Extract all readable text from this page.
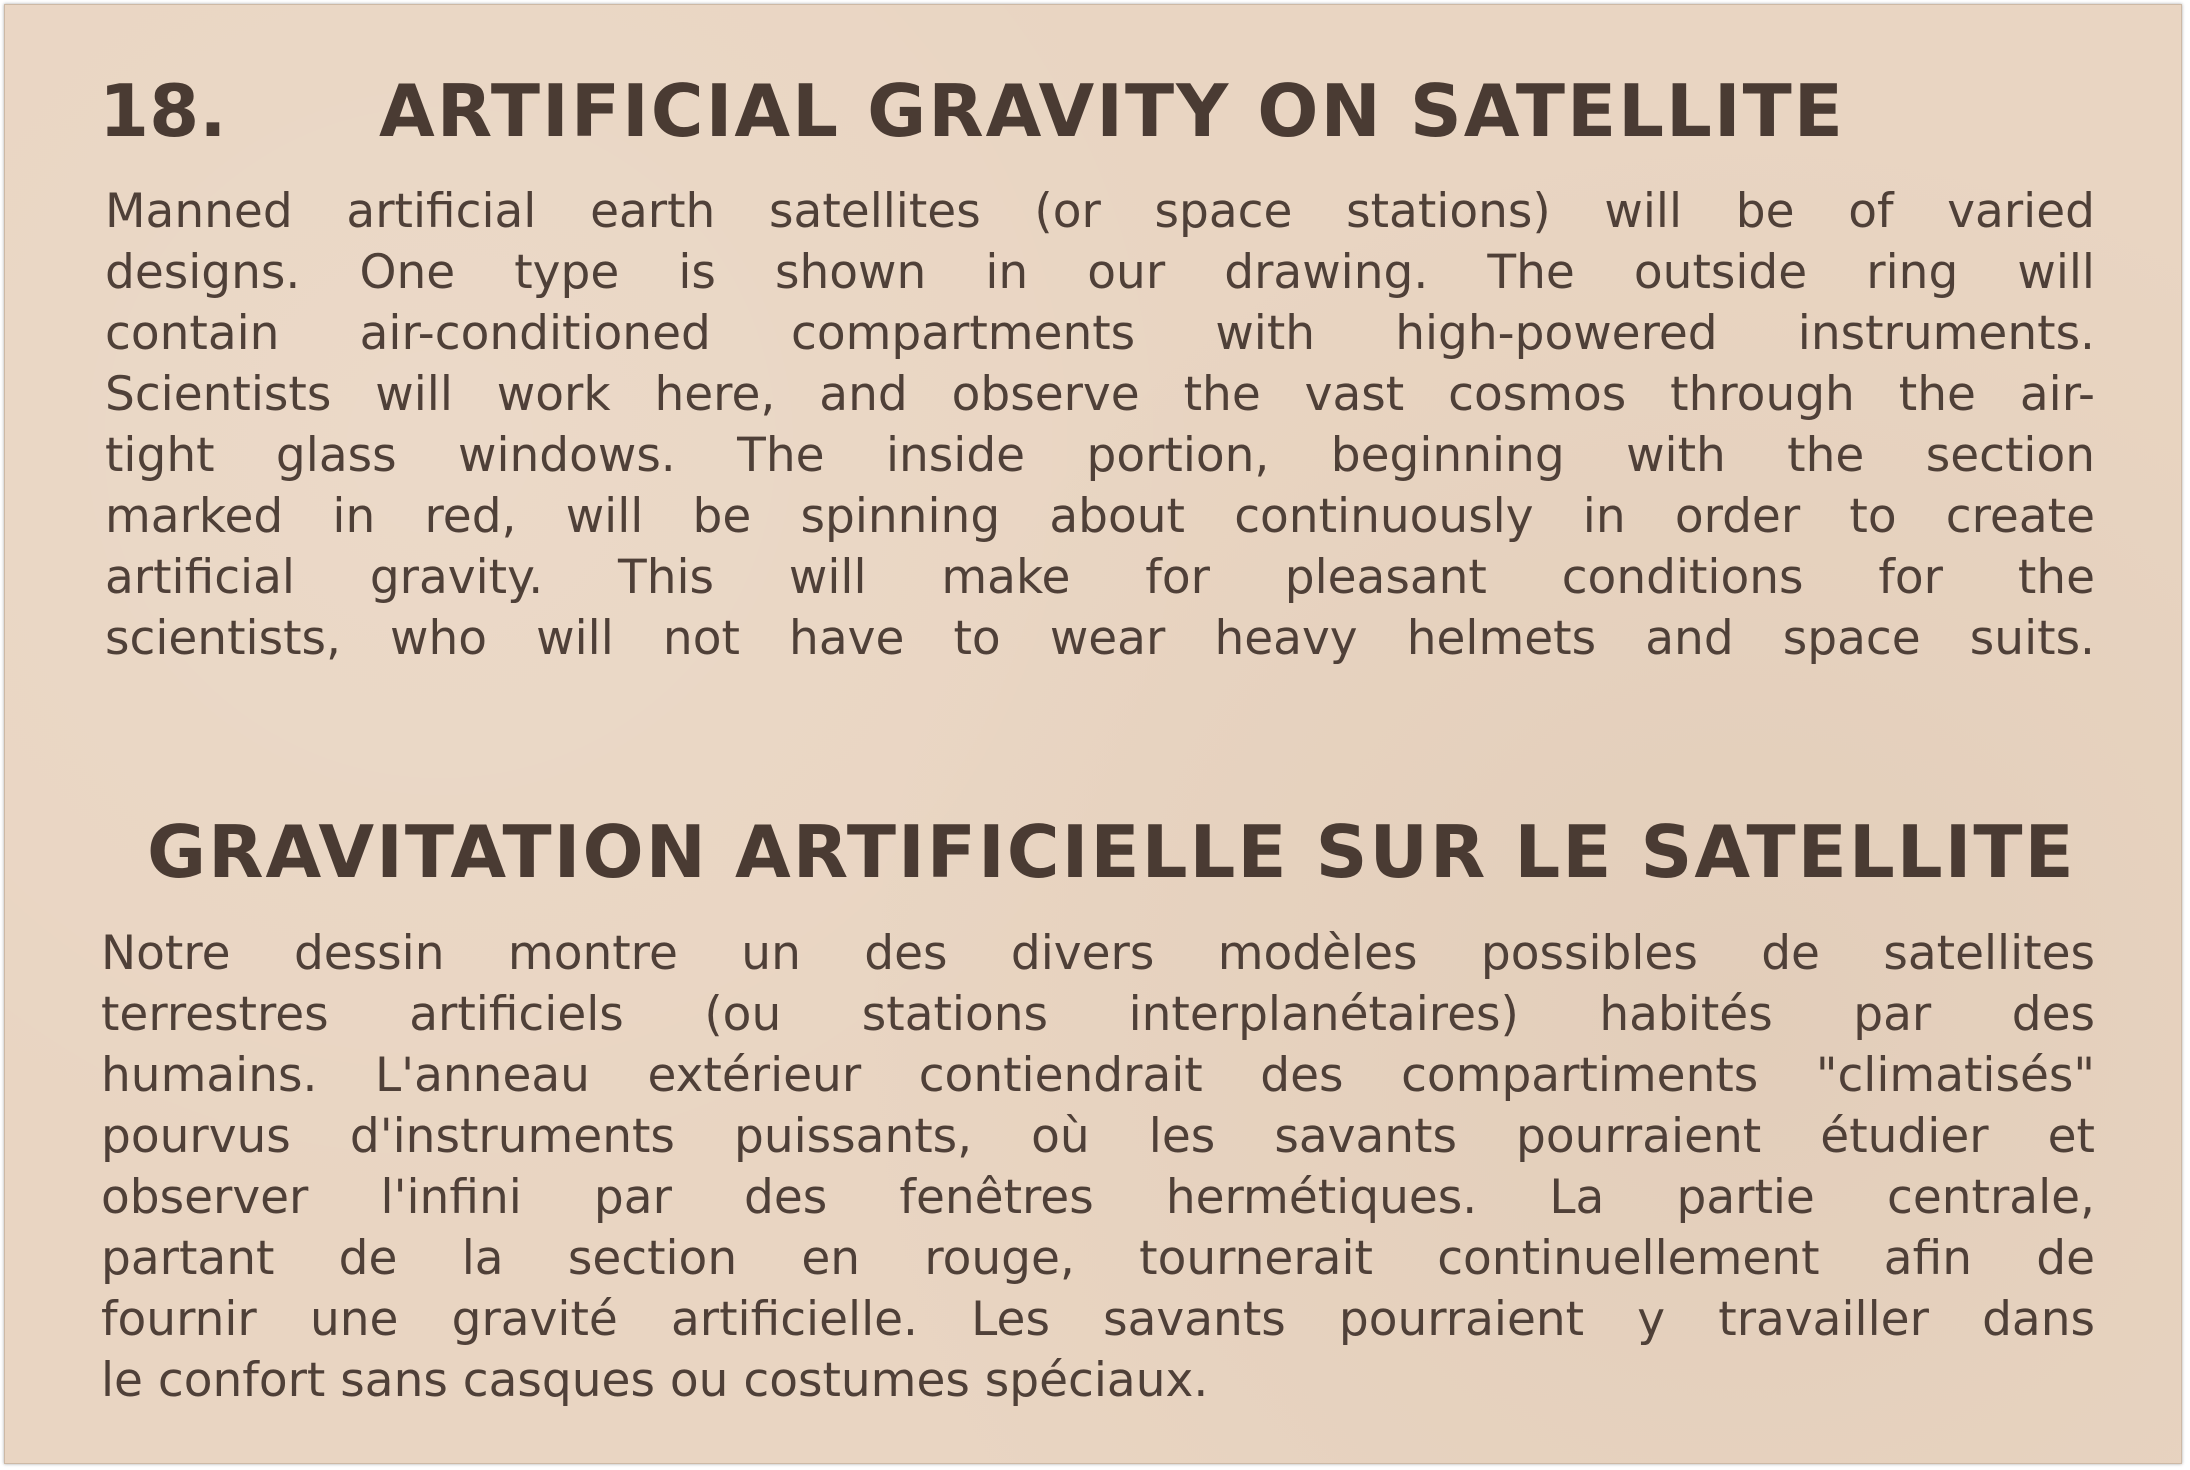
18. ARTIFICIAL GRAVITY ON SATELLITE
Manned artificial earth satellites (or space stations) will be of varied
designs. One type is shown in our drawing. The outside ring will
contain air-conditioned compartments with high-powered instruments.
Scientists will work here, and observe the vast cosmos through the air-
tight glass windows. The inside portion, beginning with the section
marked in red, will be spinning about continuously in order to create
artificial gravity. This will make for pleasant conditions for the
scientists, who will not have to wear heavy helmets and space suits.
GRAVITATION ARTIFICIELLE SUR LE SATELLITE
Notre dessin montre un des divers modèles possibles de satellites
terrestres artificiels (ou stations interplanétaires) habités par des
humains. L'anneau extérieur contiendrait des compartiments "climatisés"
pourvus d'instruments puissants, où les savants pourraient étudier et
observer l'infini par des fenêtres hermétiques. La partie centrale,
partant de la section en rouge, tournerait continuellement afin de
fournir une gravité artificielle. Les savants pourraient y travailler dans
le confort sans casques ou costumes spéciaux.
